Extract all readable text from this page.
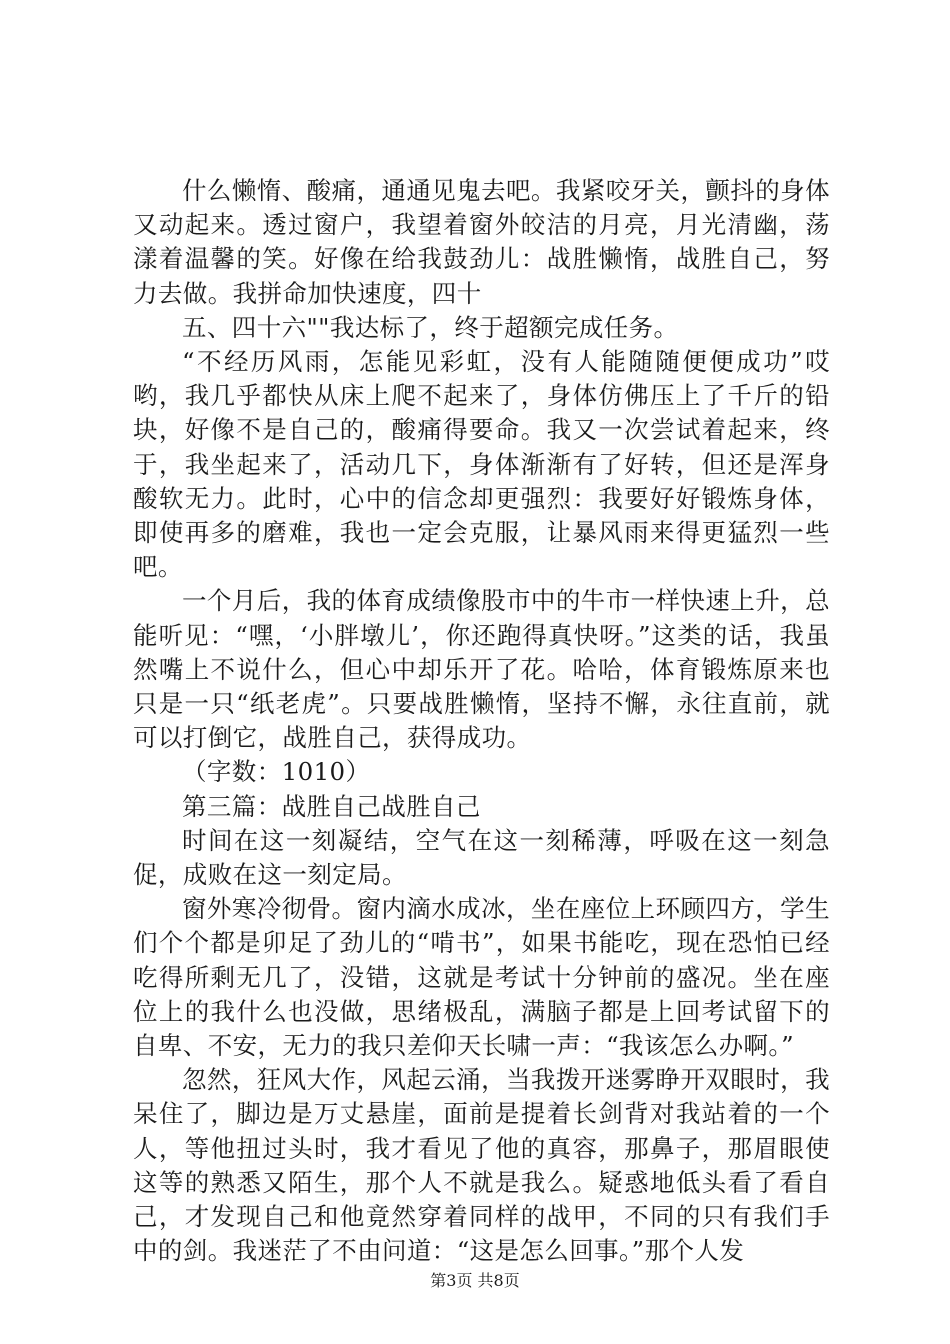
什么懒惰、酸痛，通通见鬼去吧。我紧咬牙关，颤抖的身体又动起来。透过窗户，我望着窗外皎洁的月亮，月光清幽，荡漾着温馨的笑。好像在给我鼓劲儿：战胜懒惰，战胜自己，努力去做。我拼命加快速度，四十

五、四十六""我达标了，终于超额完成任务。

“不经历风雨，怎能见彩虹，没有人能随随便便成功”哎哟，我几乎都快从床上爬不起来了，身体仿佛压上了千斤的铅块，好像不是自己的，酸痛得要命。我又一次尝试着起来，终于，我坐起来了，活动几下，身体渐渐有了好转，但还是浑身酸软无力。此时，心中的信念却更强烈：我要好好锻炼身体，即使再多的磨难，我也一定会克服，让暴风雨来得更猛烈一些吧。

一个月后，我的体育成绩像股市中的牛市一样快速上升，总能听见：“嘿，‘小胖墩儿’，你还跑得真快呀。”这类的话，我虽然嘴上不说什么，但心中却乐开了花。哈哈，体育锻炼原来也只是一只“纸老虎”。只要战胜懒惰，坚持不懈，永往直前，就可以打倒它，战胜自己，获得成功。

（字数：1010）

第三篇：战胜自己战胜自己

时间在这一刻凝结，空气在这一刻稀薄，呼吸在这一刻急促，成败在这一刻定局。

窗外寒冷彻骨。窗内滴水成冰，坐在座位上环顾四方，学生们个个都是卯足了劲儿的“啃书”，如果书能吃，现在恐怕已经吃得所剩无几了，没错，这就是考试十分钟前的盛况。坐在座位上的我什么也没做，思绪极乱，满脑子都是上回考试留下的自卑、不安，无力的我只差仰天长啸一声：“我该怎么办啊。”

忽然，狂风大作，风起云涌，当我拨开迷雾睁开双眼时，我呆住了，脚边是万丈悬崖，面前是提着长剑背对我站着的一个人，等他扭过头时，我才看见了他的真容，那鼻子，那眉眼使这等的熟悉又陌生，那个人不就是我么。疑惑地低头看了看自己，才发现自己和他竟然穿着同样的战甲，不同的只有我们手中的剑。我迷茫了不由问道：“这是怎么回事。”那个人发

第3页 共8页
